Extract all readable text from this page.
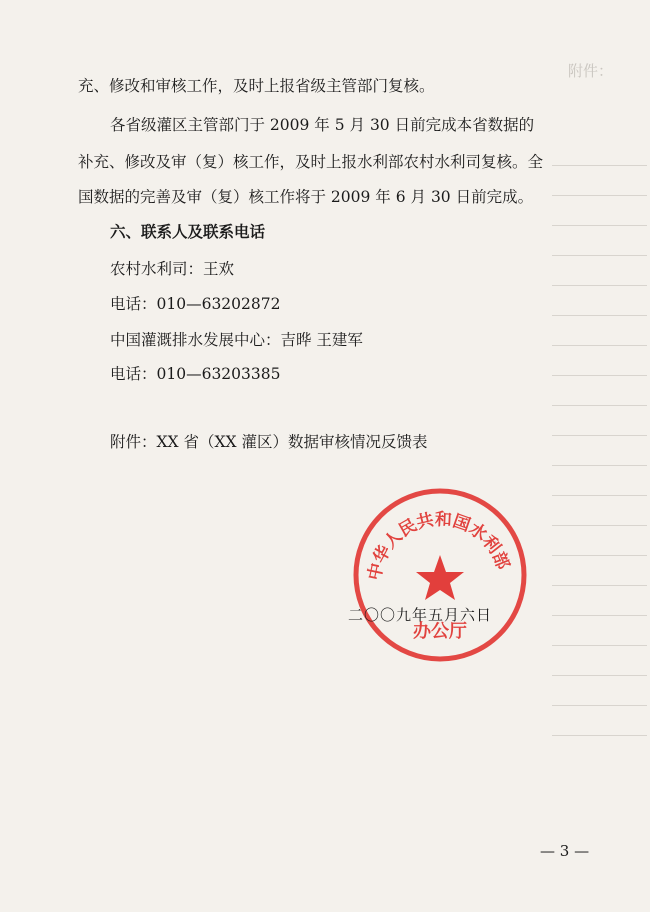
附件：
充、修改和审核工作，及时上报省级主管部门复核。
各省级灌区主管部门于 2009 年 5 月 30 日前完成本省数据的
补充、修改及审（复）核工作，及时上报水利部农村水利司复核。全
国数据的完善及审（复）核工作将于 2009 年 6 月 30 日前完成。
六、联系人及联系电话
农村水利司：王欢
电话：010—63202872
中国灌溉排水发展中心：吉晔 王建军
电话：010—63203385
附件：XX 省（XX 灌区）数据审核情况反馈表
中华人民共和国水利部
办公厅
二〇〇九年五月六日
— 3 —
